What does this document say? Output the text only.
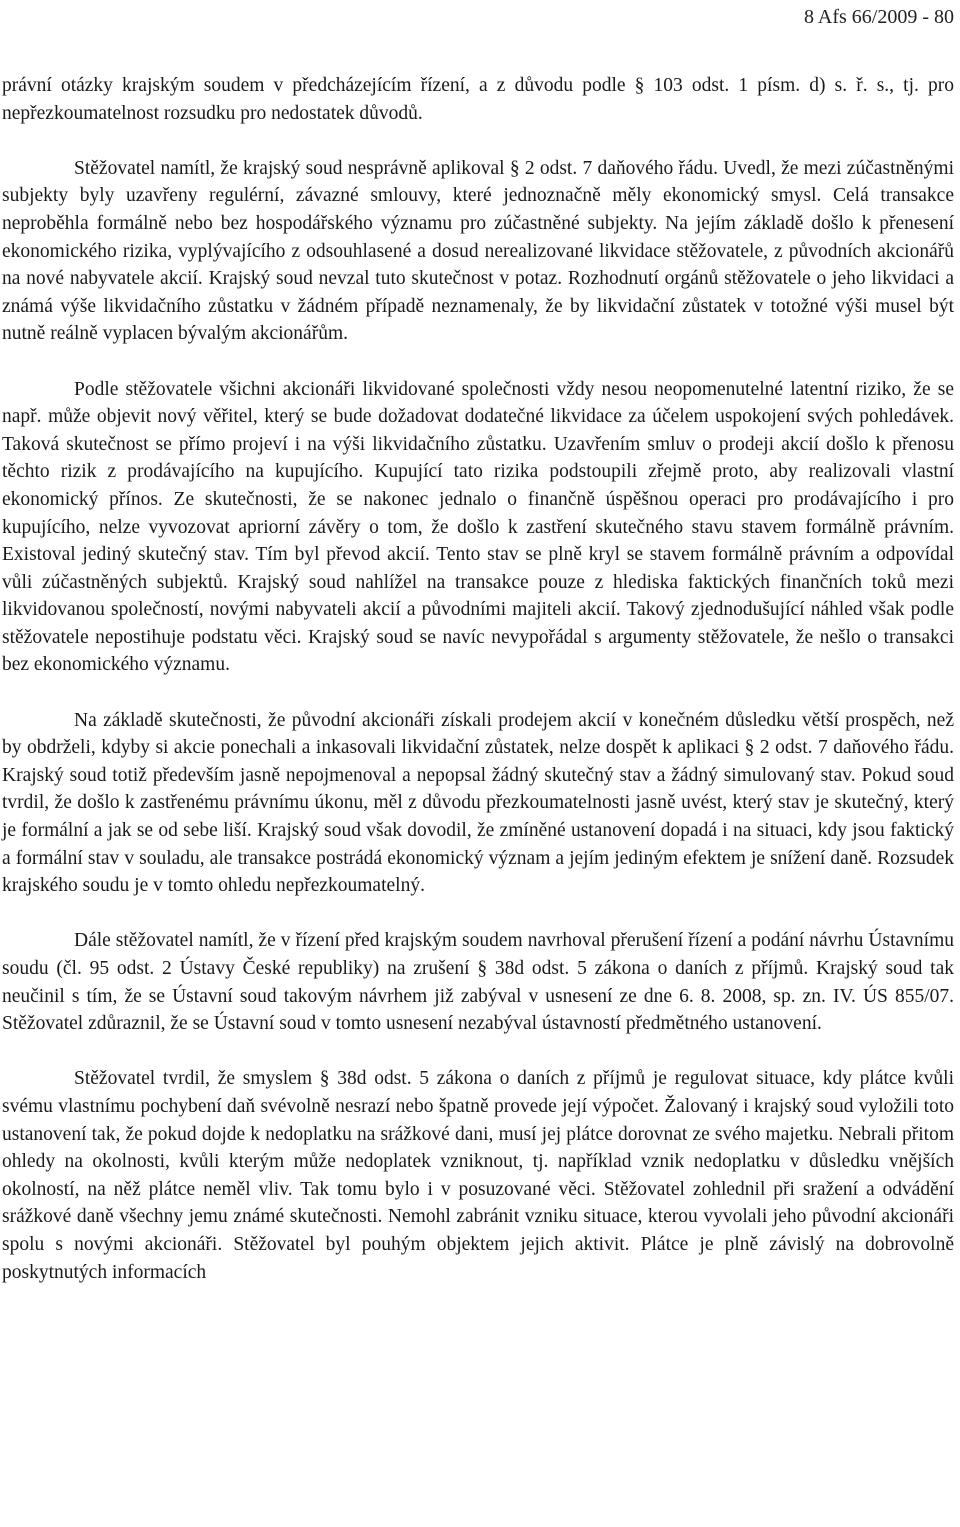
8 Afs 66/2009 - 80

právní otázky krajským soudem v předcházejícím řízení, a z důvodu podle § 103 odst. 1 písm. d) s. ř. s., tj. pro nepřezkoumatelnost rozsudku pro nedostatek důvodů.

Stěžovatel namítl, že krajský soud nesprávně aplikoval § 2 odst. 7 daňového řádu. Uvedl, že mezi zúčastněnými subjekty byly uzavřeny regulérní, závazné smlouvy, které jednoznačně měly ekonomický smysl. Celá transakce neproběhla formálně nebo bez hospodářského významu pro zúčastněné subjekty. Na jejím základě došlo k přenesení ekonomického rizika, vyplývajícího z odsouhlasené a dosud nerealizované likvidace stěžovatele, z původních akcionářů na nové nabyvatele akcií. Krajský soud nevzal tuto skutečnost v potaz. Rozhodnutí orgánů stěžovatele o jeho likvidaci a známá výše likvidačního zůstatku v žádném případě neznamenaly, že by likvidační zůstatek v totožné výši musel být nutně reálně vyplacen bývalým akcionářům.

Podle stěžovatele všichni akcionáři likvidované společnosti vždy nesou neopomenutelné latentní riziko, že se např. může objevit nový věřitel, který se bude dožadovat dodatečné likvidace za účelem uspokojení svých pohledávek. Taková skutečnost se přímo projeví i na výši likvidačního zůstatku. Uzavřením smluv o prodeji akcií došlo k přenosu těchto rizik z prodávajícího na kupujícího. Kupující tato rizika podstoupili zřejmě proto, aby realizovali vlastní ekonomický přínos. Ze skutečnosti, že se nakonec jednalo o finančně úspěšnou operaci pro prodávajícího i pro kupujícího, nelze vyvozovat apriorní závěry o tom, že došlo k zastření skutečného stavu stavem formálně právním. Existoval jediný skutečný stav. Tím byl převod akcií. Tento stav se plně kryl se stavem formálně právním a odpovídal vůli zúčastněných subjektů. Krajský soud nahlížel na transakce pouze z hlediska faktických finančních toků mezi likvidovanou společností, novými nabyvateli akcií a původními majiteli akcií. Takový zjednodušující náhled však podle stěžovatele nepostihuje podstatu věci. Krajský soud se navíc nevypořádal s argumenty stěžovatele, že nešlo o transakci bez ekonomického významu.

Na základě skutečnosti, že původní akcionáři získali prodejem akcií v konečném důsledku větší prospěch, než by obdrželi, kdyby si akcie ponechali a inkasovali likvidační zůstatek, nelze dospět k aplikaci § 2 odst. 7 daňového řádu. Krajský soud totiž především jasně nepojmenoval a nepopsal žádný skutečný stav a žádný simulovaný stav. Pokud soud tvrdil, že došlo k zastřenému právnímu úkonu, měl z důvodu přezkoumatelnosti jasně uvést, který stav je skutečný, který je formální a jak se od sebe liší. Krajský soud však dovodil, že zmíněné ustanovení dopadá i na situaci, kdy jsou faktický a formální stav v souladu, ale transakce postrádá ekonomický význam a jejím jediným efektem je snížení daně. Rozsudek krajského soudu je v tomto ohledu nepřezkoumatelný.

Dále stěžovatel namítl, že v řízení před krajským soudem navrhoval přerušení řízení a podání návrhu Ústavnímu soudu (čl. 95 odst. 2 Ústavy České republiky) na zrušení § 38d odst. 5 zákona o daních z příjmů. Krajský soud tak neučinil s tím, že se Ústavní soud takovým návrhem již zabýval v usnesení ze dne 6. 8. 2008, sp. zn. IV. ÚS 855/07. Stěžovatel zdůraznil, že se Ústavní soud v tomto usnesení nezabýval ústavností předmětného ustanovení.

Stěžovatel tvrdil, že smyslem § 38d odst. 5 zákona o daních z příjmů je regulovat situace, kdy plátce kvůli svému vlastnímu pochybení daň svévolně nesrazí nebo špatně provede její výpočet. Žalovaný i krajský soud vyložili toto ustanovení tak, že pokud dojde k nedoplatku na srážkové dani, musí jej plátce dorovnat ze svého majetku. Nebrali přitom ohledy na okolnosti, kvůli kterým může nedoplatek vzniknout, tj. například vznik nedoplatku v důsledku vnějších okolností, na něž plátce neměl vliv. Tak tomu bylo i v posuzované věci. Stěžovatel zohlednil při sražení a odvádění srážkové daně všechny jemu známé skutečnosti. Nemohl zabránit vzniku situace, kterou vyvolali jeho původní akcionáři spolu s novými akcionáři. Stěžovatel byl pouhým objektem jejich aktivit. Plátce je plně závislý na dobrovolně poskytnutých informacích
